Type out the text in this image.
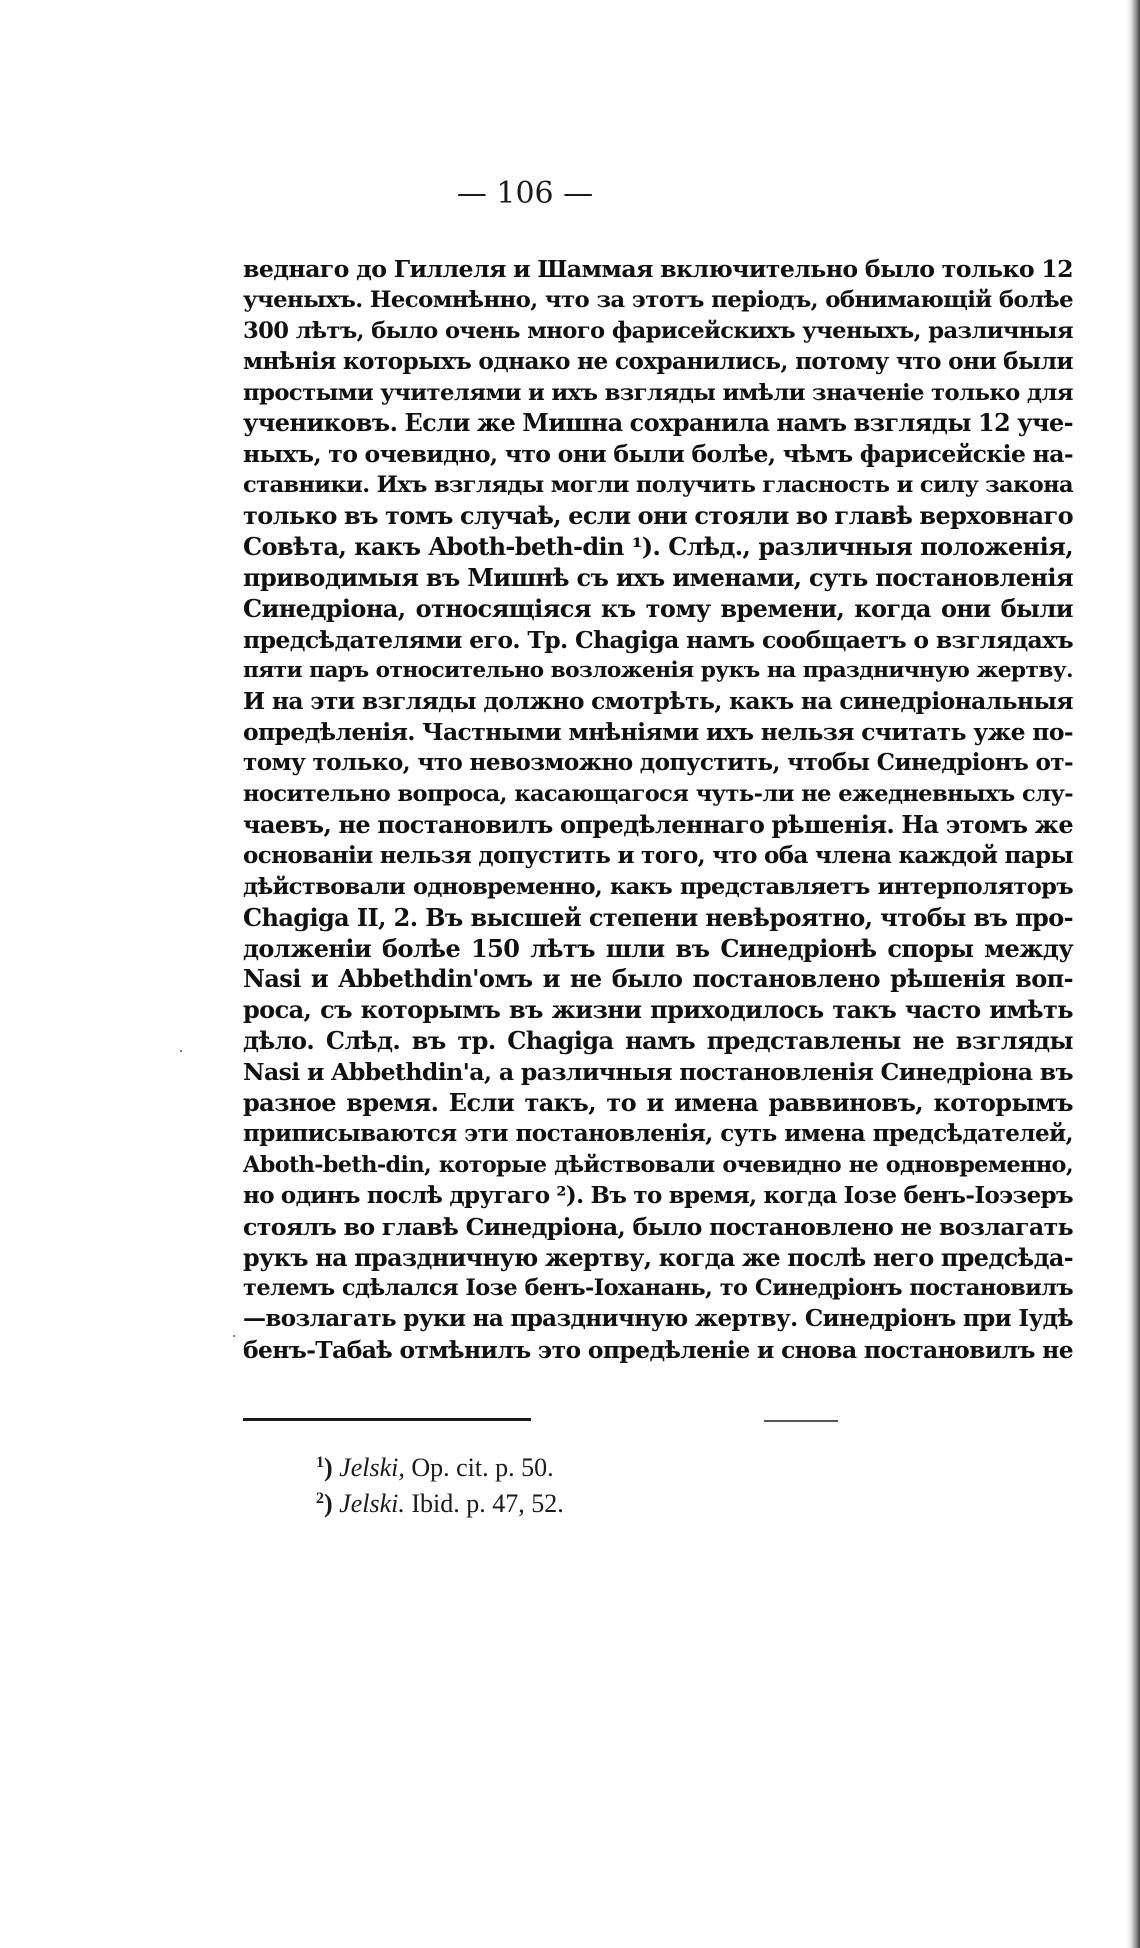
— 106 —
веднаго до Гиллеля и Шаммая включительно было только 12
ученыхъ. Несомнѣнно, что за этотъ періодъ, обнимающій болѣе
300 лѣтъ, было очень много фарисейскихъ ученыхъ, различныя
мнѣнія которыхъ однако не сохранились, потому что они были
простыми учителями и ихъ взгляды имѣли значеніе только для
учениковъ. Если же Мишна сохранила намъ взгляды 12 уче-
ныхъ, то очевидно, что они были болѣе, чѣмъ фарисейскіе на-
ставники. Ихъ взгляды могли получить гласность и силу закона
только въ томъ случаѣ, если они стояли во главѣ верховнаго
Совѣта, какъ Aboth-beth-din ¹). Слѣд., различныя положенія,
приводимыя въ Мишнѣ съ ихъ именами, суть постановленія
Синедріона, относящіяся къ тому времени, когда они были
предсѣдателями его. Тр. Chagiga намъ сообщаетъ о взглядахъ
пяти паръ относительно возложенія рукъ на праздничную жертву.
И на эти взгляды должно смотрѣть, какъ на синедріональныя
опредѣленія. Частными мнѣніями ихъ нельзя считать уже по-
тому только, что невозможно допустить, чтобы Синедріонъ от-
носительно вопроса, касающагося чуть-ли не ежедневныхъ слу-
чаевъ, не постановилъ опредѣленнаго рѣшенія. На этомъ же
основаніи нельзя допустить и того, что оба члена каждой пары
дѣйствовали одновременно, какъ представляетъ интерполяторъ
Chagiga II, 2. Въ высшей степени невѣроятно, чтобы въ про-
долженіи болѣе 150 лѣтъ шли въ Синедріонѣ споры между
Nasi и Abbethdin'омъ и не было постановлено рѣшенія воп-
роса, съ которымъ въ жизни приходилось такъ часто имѣть
дѣло. Слѣд. въ тр. Chagiga намъ представлены не взгляды
Nasi и Abbethdin'a, а различныя постановленія Синедріона въ
разное время. Если такъ, то и имена раввиновъ, которымъ
приписываются эти постановленія, суть имена предсѣдателей,
Aboth-beth-din, которые дѣйствовали очевидно не одновременно,
но одинъ послѣ другаго ²). Въ то время, когда Іозе бенъ-Іоэзеръ
стоялъ во главѣ Синедріона, было постановлено не возлагать
рукъ на праздничную жертву, когда же послѣ него предсѣда-
телемъ сдѣлался Іозе бенъ-Іоханань, то Синедріонъ постановилъ
—возлагать руки на праздничную жертву. Синедріонъ при Іудѣ
бенъ-Табаѣ отмѣнилъ это опредѣленіе и снова постановилъ не
$^1$) Jelski, Op. cit. p. 50.
$^2$) Jelski. Ibid. p. 47, 52.
